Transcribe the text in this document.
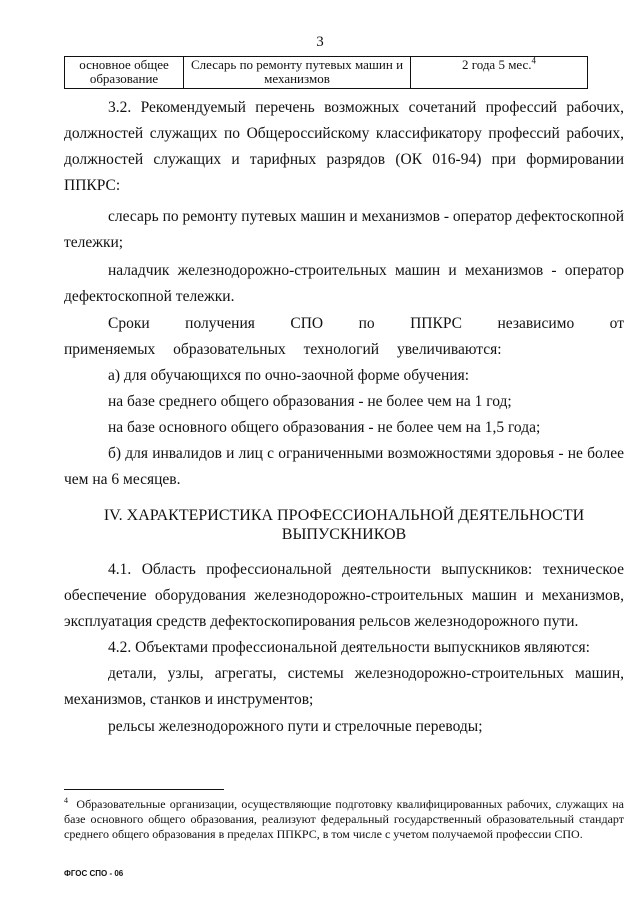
3
основное общее образование	Слесарь по ремонту путевых машин и механизмов	2 года 5 мес.$^4$
3.2. Рекомендуемый перечень возможных сочетаний профессий рабочих, должностей служащих по Общероссийскому классификатору профессий рабочих, должностей служащих и тарифных разрядов (ОК 016-94) при формировании ППКРС:
слесарь по ремонту путевых машин и механизмов - оператор дефектоскопной тележки;
наладчик железнодорожно-строительных машин и механизмов - оператор дефектоскопной тележки.
Сроки получения СПО по ППКРС независимо от применяемых образовательных технологий увеличиваются:
а) для обучающихся по очно-заочной форме обучения:
на базе среднего общего образования - не более чем на 1 год;
на базе основного общего образования - не более чем на 1,5 года;
б) для инвалидов и лиц с ограниченными возможностями здоровья - не более чем на 6 месяцев.
IV. ХАРАКТЕРИСТИКА ПРОФЕССИОНАЛЬНОЙ ДЕЯТЕЛЬНОСТИ
ВЫПУСКНИКОВ
4.1. Область профессиональной деятельности выпускников: техническое обеспечение оборудования железнодорожно-строительных машин и механизмов, эксплуатация средств дефектоскопирования рельсов железнодорожного пути.
4.2. Объектами профессиональной деятельности выпускников являются:
детали, узлы, агрегаты, системы железнодорожно-строительных машин, механизмов, станков и инструментов;
рельсы железнодорожного пути и стрелочные переводы;
$^4$ Образовательные организации, осуществляющие подготовку квалифицированных рабочих, служащих на базе основного общего образования, реализуют федеральный государственный образовательный стандарт среднего общего образования в пределах ППКРС, в том числе с учетом получаемой профессии СПО.
ФГОС СПО - 06
